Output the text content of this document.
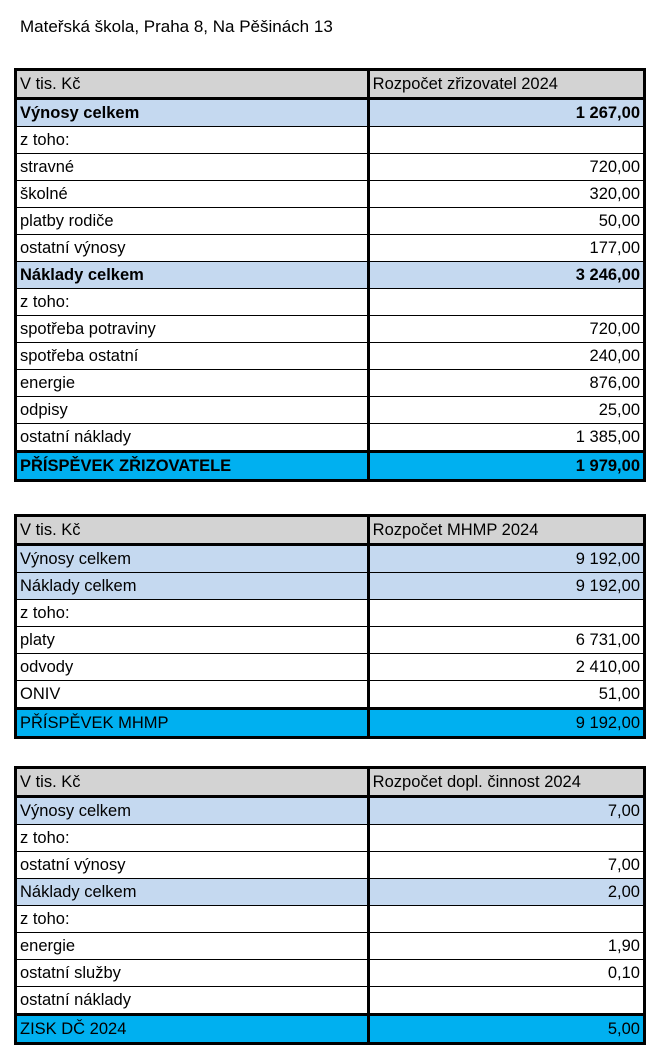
Mateřská škola, Praha 8, Na Pěšinách 13
V tis. Kč	Rozpočet zřizovatel 2024
Výnosy celkem	1 267,00
z toho:	
stravné	720,00
školné	320,00
platby rodiče	50,00
ostatní výnosy	177,00
Náklady celkem	3 246,00
z toho:	
spotřeba potraviny	720,00
spotřeba ostatní	240,00
energie	876,00
odpisy	25,00
ostatní náklady	1 385,00
PŘÍSPĚVEK ZŘIZOVATELE	1 979,00
V tis. Kč	Rozpočet MHMP 2024
Výnosy celkem	9 192,00
Náklady celkem	9 192,00
z toho:	
platy	6 731,00
odvody	2 410,00
ONIV	51,00
PŘÍSPĚVEK MHMP	9 192,00
V tis. Kč	Rozpočet dopl. činnost 2024
Výnosy celkem	7,00
z toho:	
ostatní výnosy	7,00
Náklady celkem	2,00
z toho:	
energie	1,90
ostatní služby	0,10
ostatní náklady	
ZISK DČ 2024	5,00
